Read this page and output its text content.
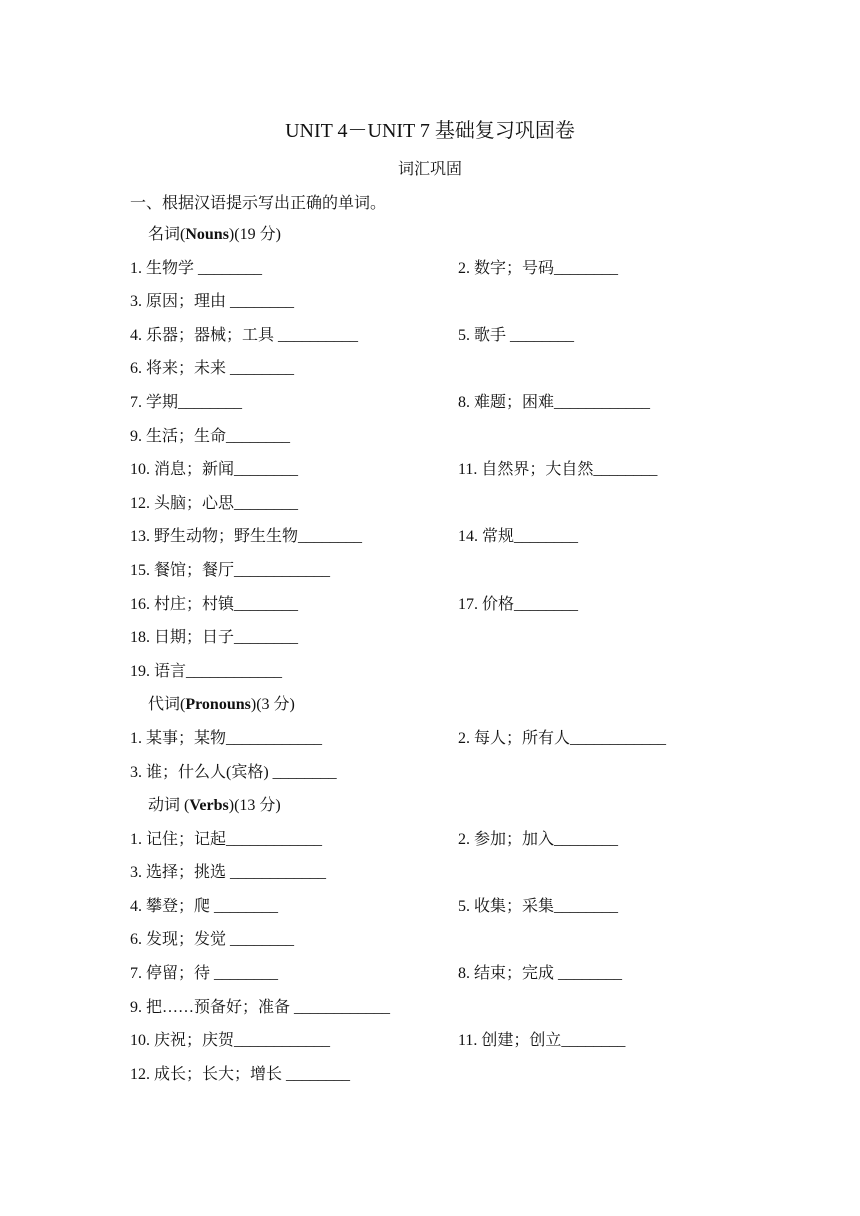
UNIT 4－UNIT 7 基础复习巩固卷
词汇巩固
一、根据汉语提示写出正确的单词。
名词(Nouns)(19 分)
1. 生物学 ________	2. 数字；号码________
3. 原因；理由 ________
4. 乐器；器械；工具 __________	5. 歌手 ________
6. 将来；未来 ________
7. 学期________	8. 难题；困难____________
9. 生活；生命________
10. 消息；新闻________	11. 自然界；大自然________
12. 头脑；心思________
13. 野生动物；野生生物________	14. 常规________
15. 餐馆；餐厅____________
16. 村庄；村镇________	17. 价格________
18. 日期；日子________
19. 语言____________
代词(Pronouns)(3 分)
1. 某事；某物____________	2. 每人；所有人____________
3. 谁；什么人(宾格) ________
动词 (Verbs)(13 分)
1. 记住；记起____________	2. 参加；加入________
3. 选择；挑选 ____________
4. 攀登；爬 ________	5. 收集；采集________
6. 发现；发觉 ________
7. 停留；待 ________	8. 结束；完成 ________
9. 把……预备好；准备 ____________
10. 庆祝；庆贺____________	11. 创建；创立________
12. 成长；长大；增长 ________
